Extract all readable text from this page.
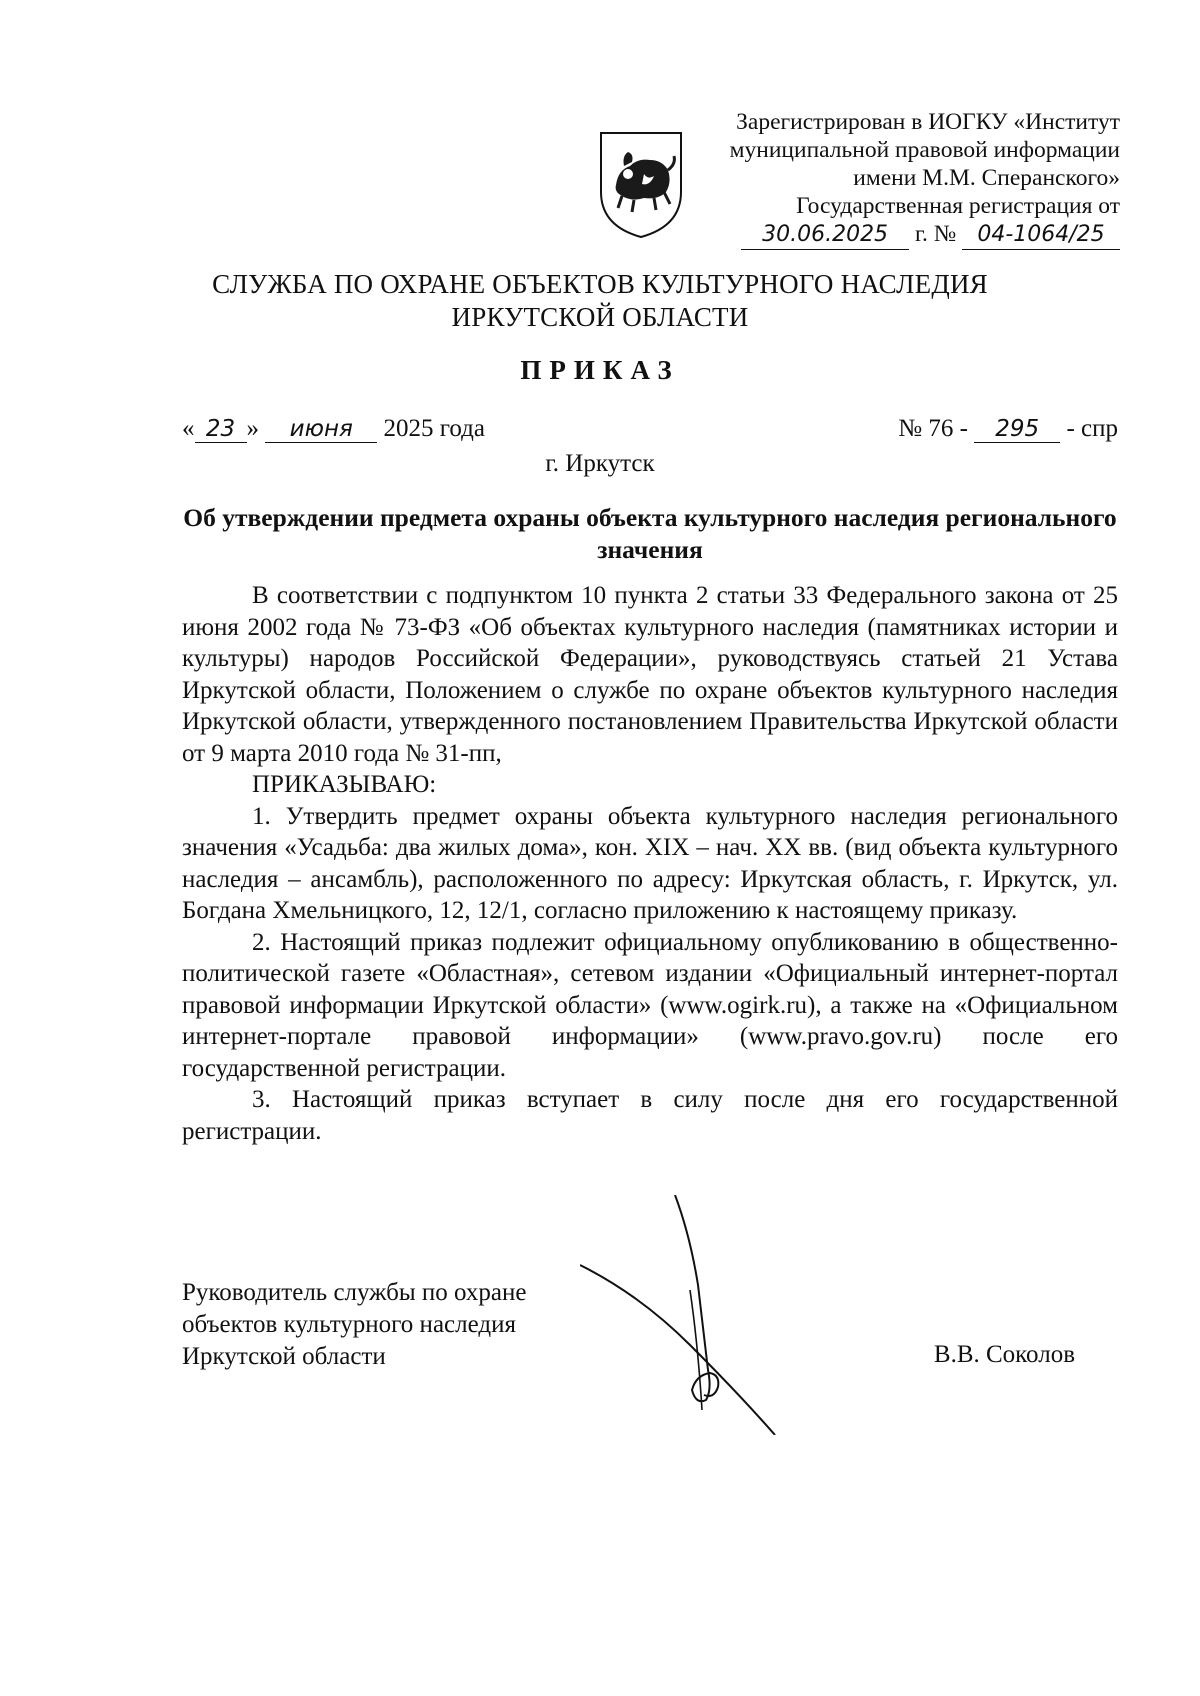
Зарегистрирован в ИОГКУ «Институт
муниципальной правовой информации
имени М.М. Сперанского»
Государственная регистрация от
30.06.2025 г. № 04-1064/25
СЛУЖБА ПО ОХРАНЕ ОБЪЕКТОВ КУЛЬТУРНОГО НАСЛЕДИЯ
ИРКУТСКОЙ ОБЛАСТИ
ПРИКАЗ
« 23 » июня 2025 года	№ 76 - 295 - спр
г. Иркутск
Об утверждении предмета охраны объекта культурного наследия регионального значения

В соответствии с подпунктом 10 пункта 2 статьи 33 Федерального закона от 25 июня 2002 года № 73-ФЗ «Об объектах культурного наследия (памятниках истории и культуры) народов Российской Федерации», руководствуясь статьей 21 Устава Иркутской области, Положением о службе по охране объектов культурного наследия Иркутской области, утвержденного постановлением Правительства Иркутской области от 9 марта 2010 года № 31-пп,

ПРИКАЗЫВАЮ:

1. Утвердить предмет охраны объекта культурного наследия регионального значения «Усадьба: два жилых дома», кон. XIX – нач. XX вв. (вид объекта культурного наследия – ансамбль), расположенного по адресу: Иркутская область, г. Иркутск, ул. Богдана Хмельницкого, 12, 12/1, согласно приложению к настоящему приказу.

2. Настоящий приказ подлежит официальному опубликованию в общественно-политической газете «Областная», сетевом издании «Официальный интернет-портал правовой информации Иркутской области» (www.ogirk.ru), а также на «Официальном интернет-портале правовой информации» (www.pravo.gov.ru) после его государственной регистрации.

3. Настоящий приказ вступает в силу после дня его государственной регистрации.

Руководитель службы по охране
объектов культурного наследия
Иркутской области	В.В. Соколов
